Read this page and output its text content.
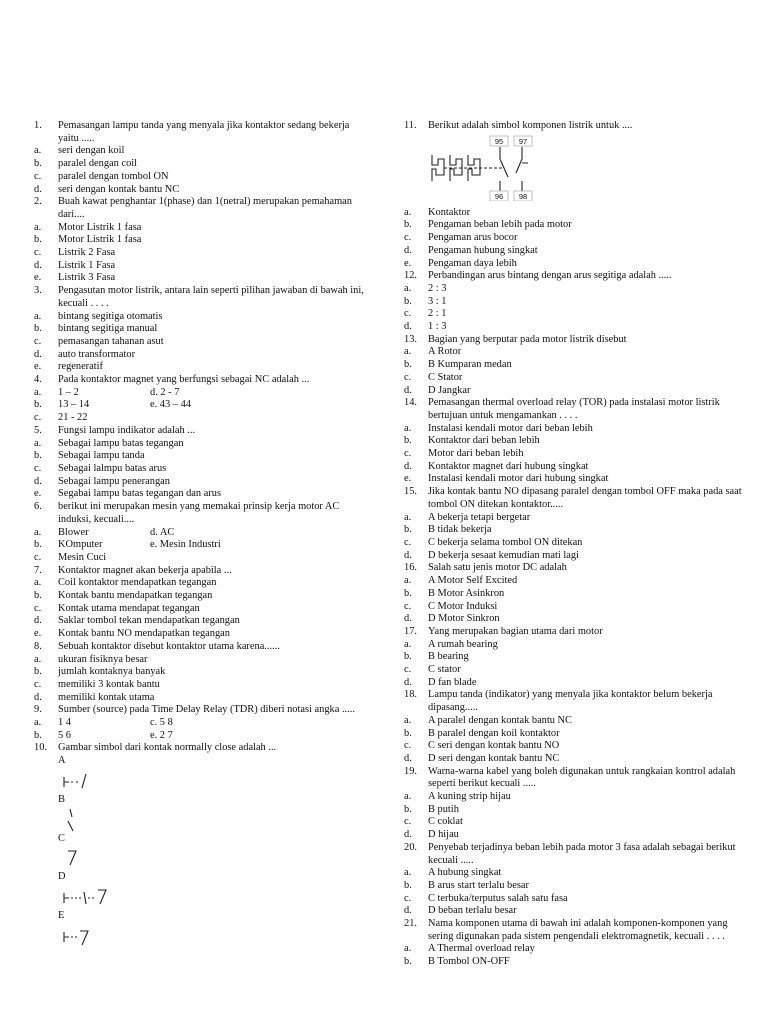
1. Pemasangan lampu tanda yang menyala jika kontaktor sedang bekerja yaitu .....
a. seri dengan koil
b. paralel dengan coil
c. paralel dengan tombol ON
d. seri dengan kontak bantu NC
2. Buah kawat penghantar 1(phase) dan 1(netral) merupakan pemahaman dari....
a. Motor Listrik 1 fasa
b. Motor Listrik 1 fasa
c. Listrik 2 Fasa
d. Listrik 1 Fasa
e. Listrik 3 Fasa
3. Pengasutan motor listrik, antara lain seperti pilihan jawaban di bawah ini, kecuali . . . .
a. bintang segitiga otomatis
b. bintang segitiga manual
c. pemasangan tahanan asut
d. auto transformator
e. regeneratif
4. Pada kontaktor magnet yang berfungsi sebagai NC adalah ...
a. 1 – 2	d. 2 - 7
b. 13 – 14	e. 43 – 44
c. 21 - 22
5. Fungsi lampu indikator adalah ...
a. Sebagai lampu batas tegangan
b. Sebagai lampu tanda
c. Sebagai lalmpu batas arus
d. Sebagai lampu penerangan
e. Segabai lampu batas tegangan dan arus
6. berikut ini merupakan mesin yang memakai prinsip kerja motor AC induksi, kecuali....
a. Blower	d. AC
b. KOmputer	e. Mesin Industri
c. Mesin Cuci
7. Kontaktor magnet akan bekerja apabila ...
a. Coil kontaktor mendapatkan tegangan
b. Kontak bantu mendapatkan tegangan
c. Kontak utama mendapat tegangan
d. Saklar tombol tekan mendapatkan tegangan
e. Kontak bantu NO mendapatkan tegangan
8. Sebuah kontaktor disebut kontaktor utama karena......
a. ukuran fisiknya besar
b. jumlah kontaknya banyak
c. memiliki 3 kontak bantu
d. memiliki kontak utama
9. Sumber (source) pada Time Delay Relay (TDR) diberi notasi angka .....
a. 1 4	c. 5 8
b. 5 6	e. 2 7
10. Gambar simbol dari kontak normally close adalah ...
A
B
C
D
E
11. Berikut adalah simbol komponen listrik untuk ....
95 97
96 98
a. Kontaktor
b. Pengaman beban lebih pada motor
c. Pengaman arus bocor
d. Pengaman hubung singkat
e. Pengaman daya lebih
12. Perbandingan arus bintang dengan arus segitiga adalah .....
a. 2 : 3
b. 3 : 1
c. 2 : 1
d. 1 : 3
13. Bagian yang berputar pada motor listrik disebut
a. A Rotor
b. B Kumparan medan
c. C Stator
d. D Jangkar
14. Pemasangan thermal overload relay (TOR) pada instalasi motor listrik bertujuan untuk mengamankan . . . .
a. Instalasi kendali motor dari beban lebih
b. Kontaktor dari beban lebih
c. Motor dari beban lebih
d. Kontaktor magnet dari hubung singkat
e. Instalasi kendali motor dari hubung singkat
15. Jika kontak bantu NO dipasang paralel dengan tombol OFF maka pada saat tombol ON ditekan kontaktor.....
a. A bekerja tetapi bergetar
b. B tidak bekerja
c. C bekerja selama tombol ON ditekan
d. D bekerja sesaat kemudian mati lagi
16. Salah satu jenis motor DC adalah
a. A Motor Self Excited
b. B Motor Asinkron
c. C Motor Induksi
d. D Motor Sinkron
17. Yang merupakan bagian utama dari motor
a. A rumah bearing
b. B bearing
c. C stator
d. D fan blade
18. Lampu tanda (indikator) yang menyala jika kontaktor belum bekerja dipasang.....
a. A paralel dengan kontak bantu NC
b. B paralel dengan koil kontaktor
c. C seri dengan kontak bantu NO
d. D seri dengan kontak bantu NC
19. Warna-warna kabel yang boleh digunakan untuk rangkaian kontrol adalah seperti berikut kecuali .....
a. A kuning strip hijau
b. B putih
c. C coklat
d. D hijau
20. Penyebab terjadinya beban lebih pada motor 3 fasa adalah sebagai berikut kecuali .....
a. A hubung singkat
b. B arus start terlalu besar
c. C terbuka/terputus salah satu fasa
d. D beban terlalu besar
21. Nama komponen utama di bawah ini adalah komponen-komponen yang sering digunakan pada sistem pengendali elektromagnetik, kecuali . . . .
a. A Thermal overload relay
b. B Tombol ON-OFF
